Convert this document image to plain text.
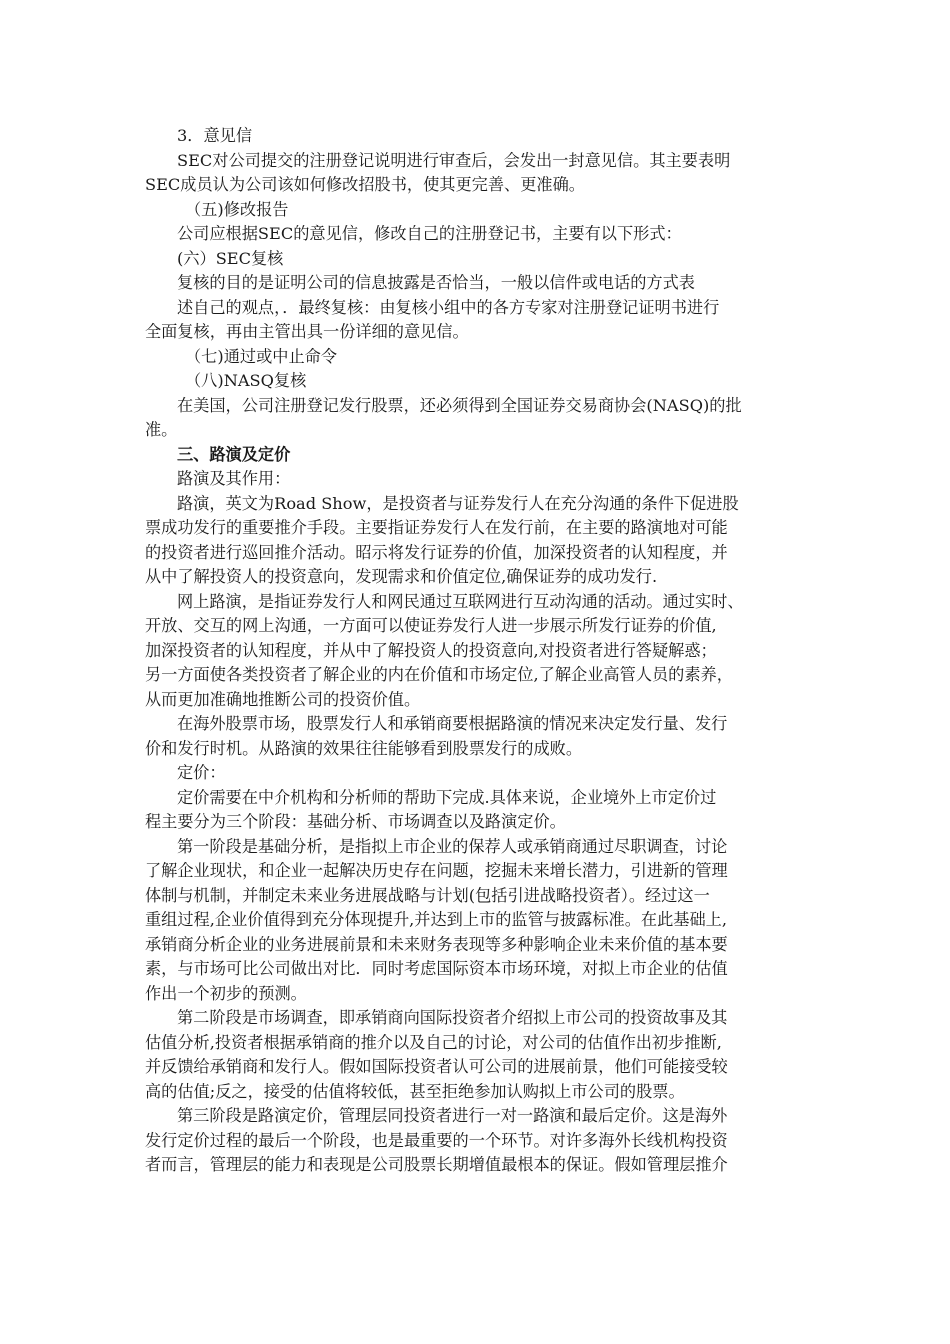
3．意见信
SEC对公司提交的注册登记说明进行审查后，会发出一封意见信。其主要表明
SEC成员认为公司该如何修改招股书，使其更完善、更准确。
（五)修改报告
公司应根据SEC的意见信，修改自己的注册登记书，主要有以下形式：
(六）SEC复核
复核的目的是证明公司的信息披露是否恰当，一般以信件或电话的方式表
述自己的观点，．最终复核：由复核小组中的各方专家对注册登记证明书进行
全面复核，再由主管出具一份详细的意见信。
（七)通过或中止命令
（八)NASQ复核
在美国，公司注册登记发行股票，还必须得到全国证券交易商协会(NASQ)的批
准。
三、路演及定价
路演及其作用：
路演，英文为Road Show，是投资者与证券发行人在充分沟通的条件下促进股
票成功发行的重要推介手段。主要指证券发行人在发行前，在主要的路演地对可能
的投资者进行巡回推介活动。昭示将发行证券的价值，加深投资者的认知程度，并
从中了解投资人的投资意向，发现需求和价值定位,确保证券的成功发行.
网上路演，是指证券发行人和网民通过互联网进行互动沟通的活动。通过实时、
开放、交互的网上沟通，一方面可以使证券发行人进一步展示所发行证券的价值,
加深投资者的认知程度，并从中了解投资人的投资意向,对投资者进行答疑解惑；
另一方面使各类投资者了解企业的内在价值和市场定位,了解企业高管人员的素养，
从而更加准确地推断公司的投资价值。
在海外股票市场，股票发行人和承销商要根据路演的情况来决定发行量、发行
价和发行时机。从路演的效果往往能够看到股票发行的成败。
定价：
定价需要在中介机构和分析师的帮助下完成.具体来说，企业境外上市定价过
程主要分为三个阶段：基础分析、市场调查以及路演定价。
第一阶段是基础分析，是指拟上市企业的保荐人或承销商通过尽职调查，讨论
了解企业现状，和企业一起解决历史存在问题，挖掘未来增长潜力，引进新的管理
体制与机制，并制定未来业务进展战略与计划(包括引进战略投资者）。经过这一
重组过程,企业价值得到充分体现提升,并达到上市的监管与披露标准。在此基础上,
承销商分析企业的业务进展前景和未来财务表现等多种影响企业未来价值的基本要
素，与市场可比公司做出对比．同时考虑国际资本市场环境，对拟上市企业的估值
作出一个初步的预测。
第二阶段是市场调查，即承销商向国际投资者介绍拟上市公司的投资故事及其
估值分析,投资者根据承销商的推介以及自己的讨论，对公司的估值作出初步推断,
并反馈给承销商和发行人。假如国际投资者认可公司的进展前景，他们可能接受较
高的估值;反之，接受的估值将较低，甚至拒绝参加认购拟上市公司的股票。
第三阶段是路演定价，管理层同投资者进行一对一路演和最后定价。这是海外
发行定价过程的最后一个阶段，也是最重要的一个环节。对许多海外长线机构投资
者而言，管理层的能力和表现是公司股票长期增值最根本的保证。假如管理层推介
